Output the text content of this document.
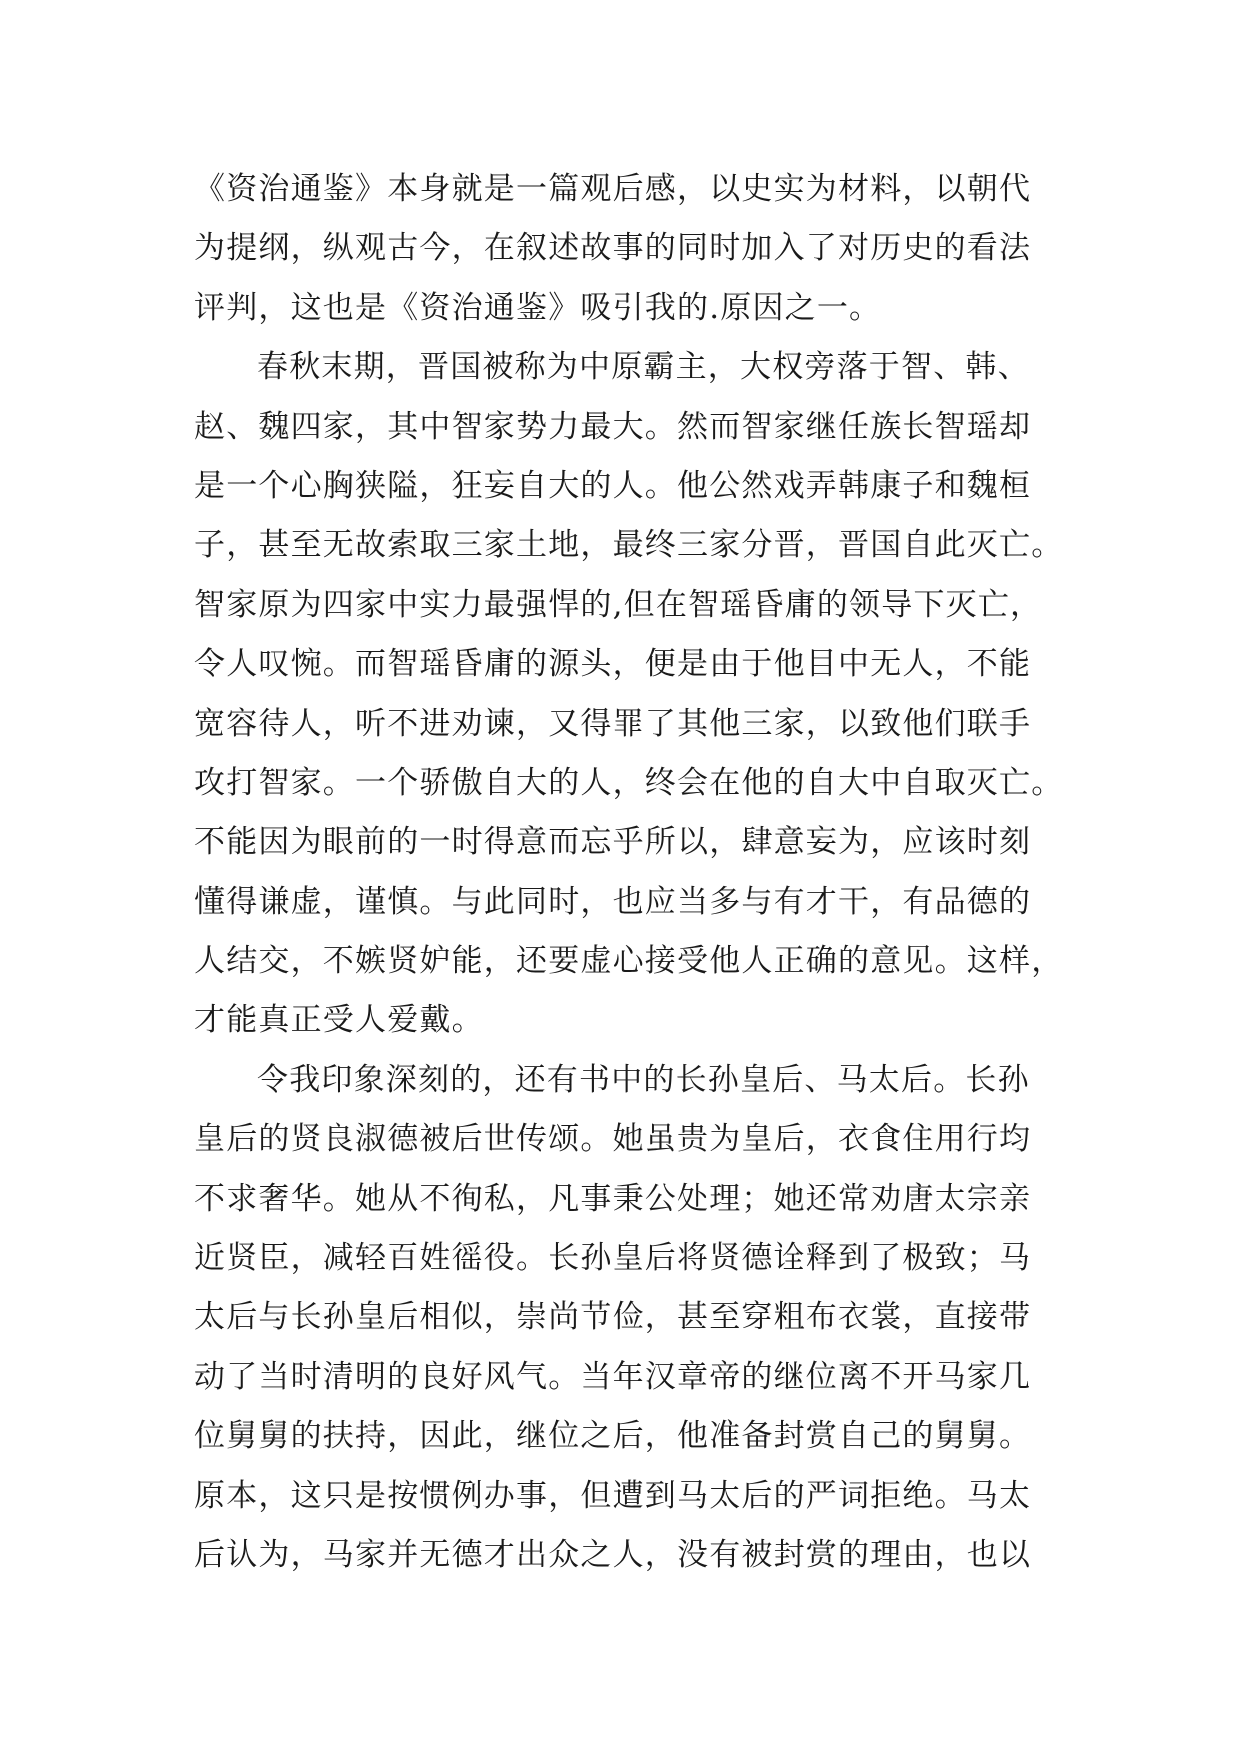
《资治通鉴》本身就是一篇观后感，以史实为材料，以朝代
为提纲，纵观古今，在叙述故事的同时加入了对历史的看法
评判，这也是《资治通鉴》吸引我的.原因之一。
春秋末期，晋国被称为中原霸主，大权旁落于智、韩、
赵、魏四家，其中智家势力最大。然而智家继任族长智瑶却
是一个心胸狭隘，狂妄自大的人。他公然戏弄韩康子和魏桓
子，甚至无故索取三家土地，最终三家分晋，晋国自此灭亡。
智家原为四家中实力最强悍的,但在智瑶昏庸的领导下灭亡，
令人叹惋。而智瑶昏庸的源头，便是由于他目中无人，不能
宽容待人，听不进劝谏，又得罪了其他三家，以致他们联手
攻打智家。一个骄傲自大的人，终会在他的自大中自取灭亡。
不能因为眼前的一时得意而忘乎所以，肆意妄为，应该时刻
懂得谦虚，谨慎。与此同时，也应当多与有才干，有品德的
人结交，不嫉贤妒能，还要虚心接受他人正确的意见。这样，
才能真正受人爱戴。
令我印象深刻的，还有书中的长孙皇后、马太后。长孙
皇后的贤良淑德被后世传颂。她虽贵为皇后，衣食住用行均
不求奢华。她从不徇私，凡事秉公处理；她还常劝唐太宗亲
近贤臣，减轻百姓徭役。长孙皇后将贤德诠释到了极致；马
太后与长孙皇后相似，崇尚节俭，甚至穿粗布衣裳，直接带
动了当时清明的良好风气。当年汉章帝的继位离不开马家几
位舅舅的扶持，因此，继位之后，他准备封赏自己的舅舅。
原本，这只是按惯例办事，但遭到马太后的严词拒绝。马太
后认为，马家并无德才出众之人，没有被封赏的理由，也以
